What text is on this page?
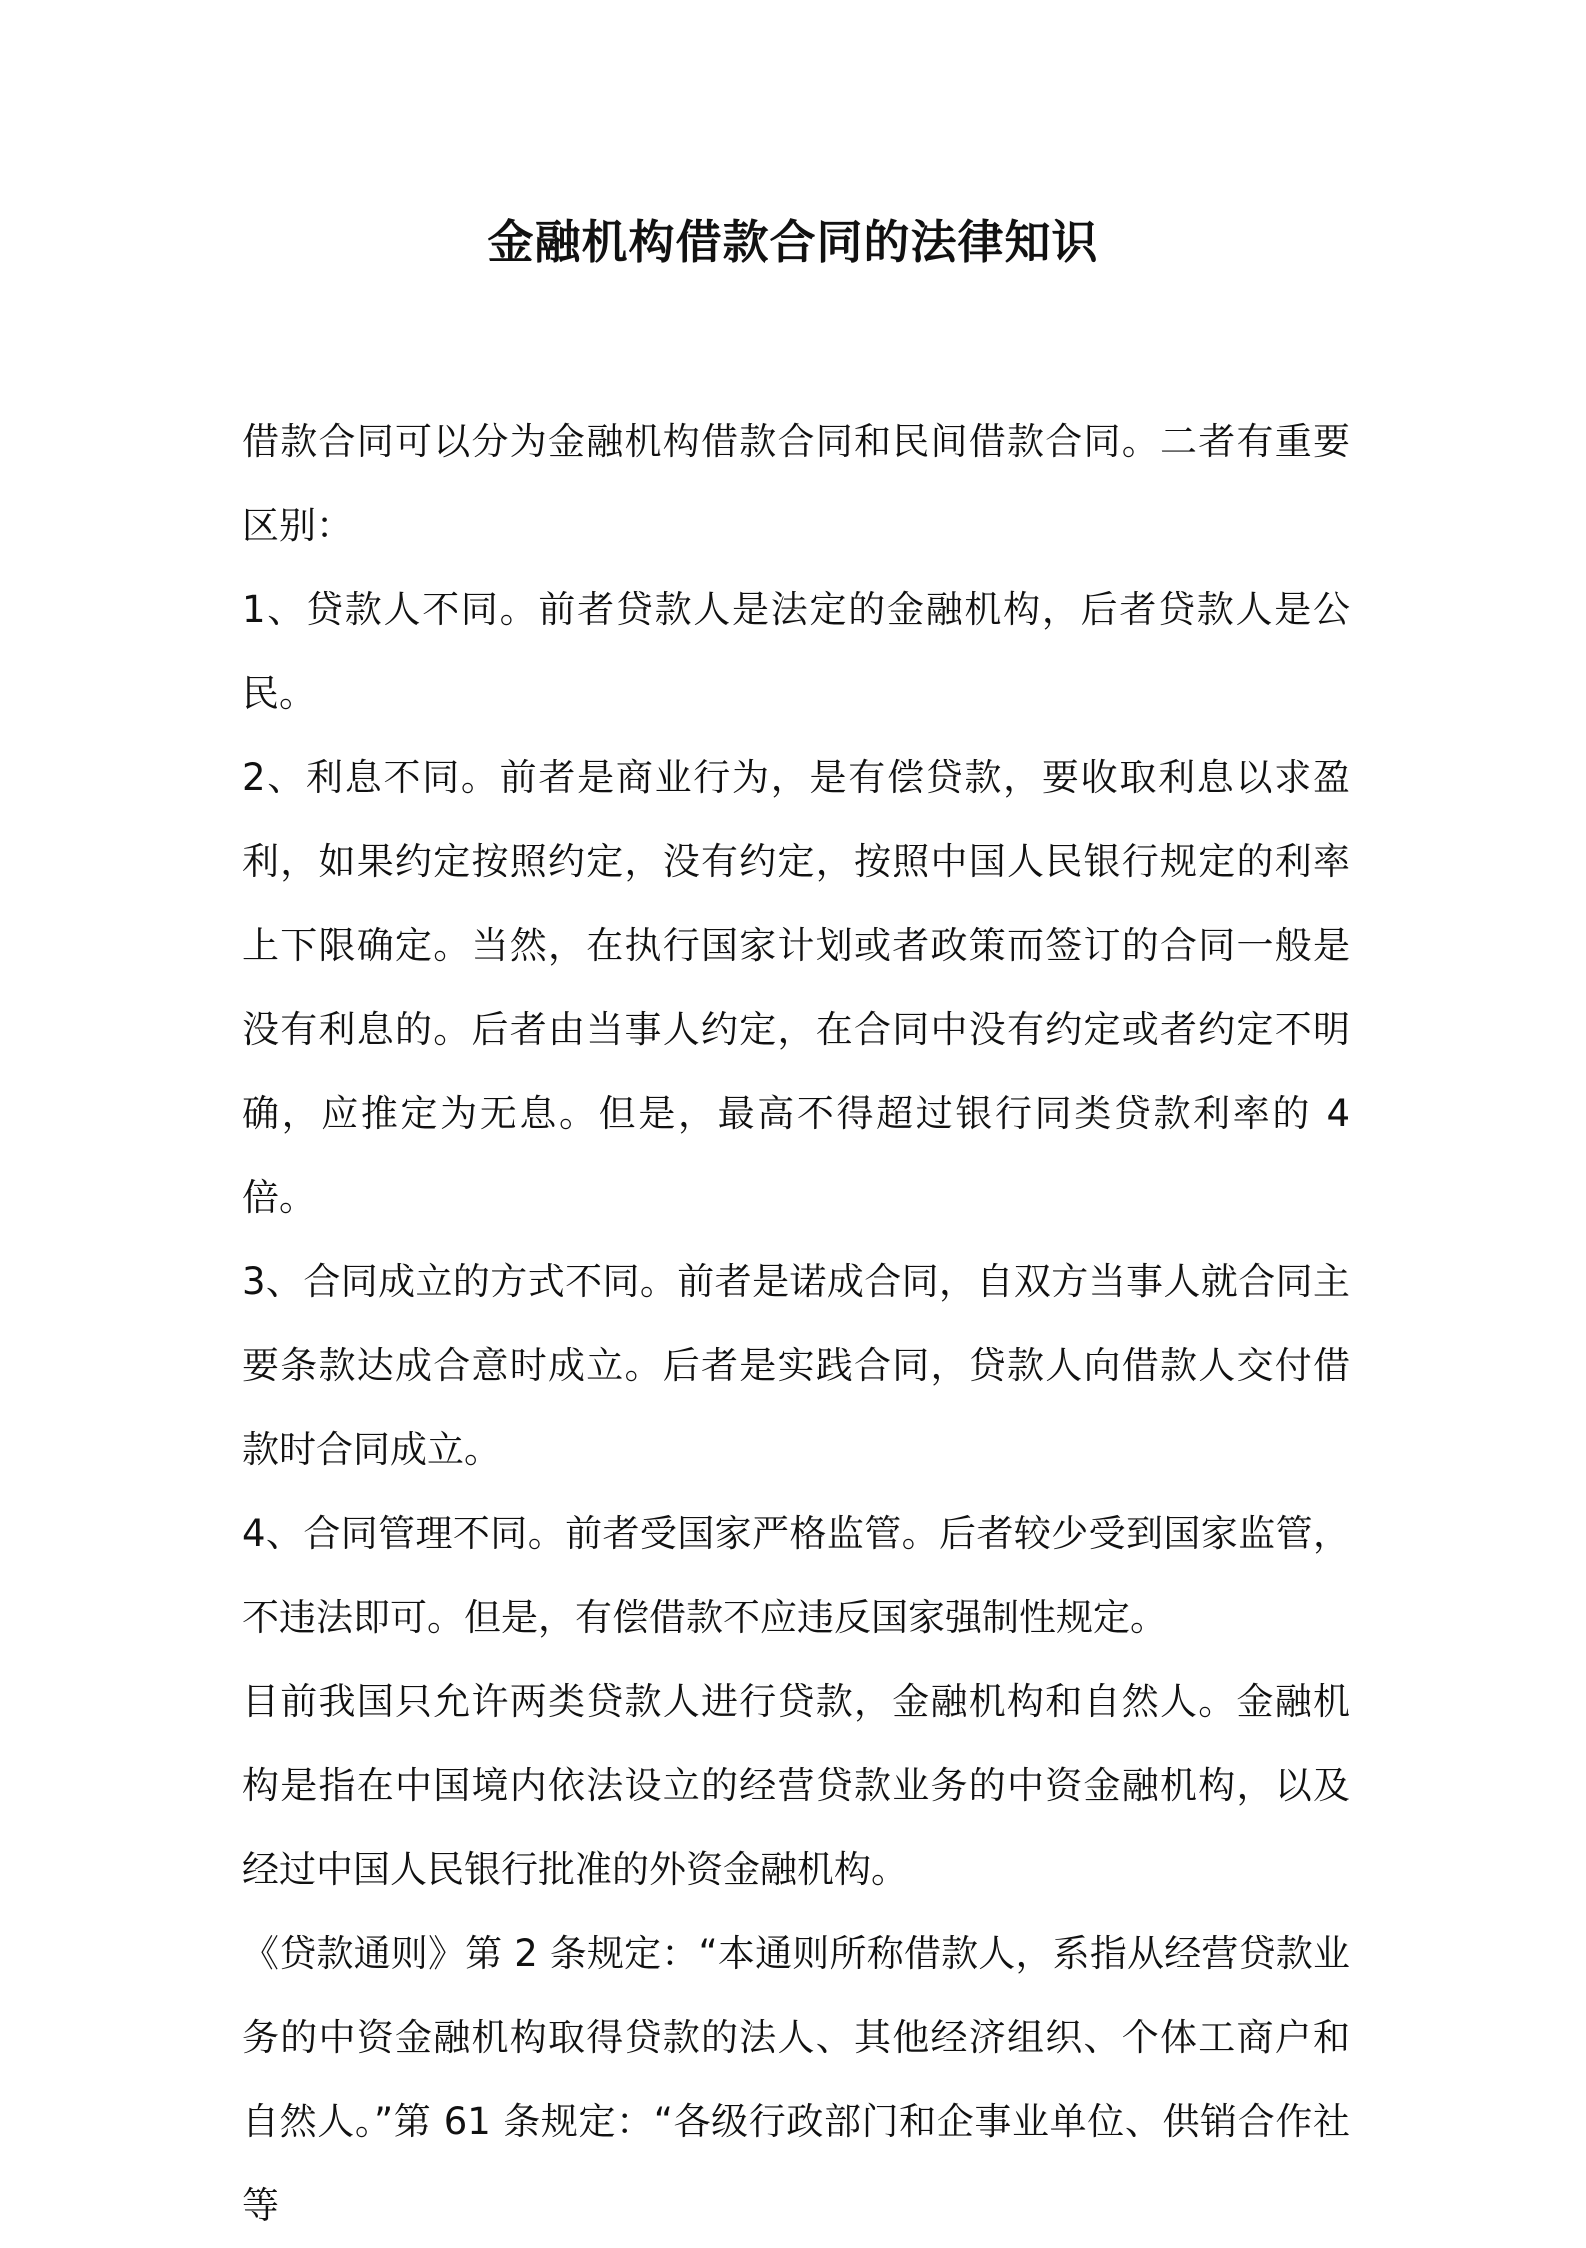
金融机构借款合同的法律知识

借款合同可以分为金融机构借款合同和民间借款合同。二者有重要区别：

1、贷款人不同。前者贷款人是法定的金融机构，后者贷款人是公民。

2、利息不同。前者是商业行为，是有偿贷款，要收取利息以求盈利，如果约定按照约定，没有约定，按照中国人民银行规定的利率上下限确定。当然，在执行国家计划或者政策而签订的合同一般是没有利息的。后者由当事人约定，在合同中没有约定或者约定不明确，应推定为无息。但是，最高不得超过银行同类贷款利率的 4 倍。

3、合同成立的方式不同。前者是诺成合同，自双方当事人就合同主要条款达成合意时成立。后者是实践合同，贷款人向借款人交付借款时合同成立。

4、合同管理不同。前者受国家严格监管。后者较少受到国家监管，不违法即可。但是，有偿借款不应违反国家强制性规定。

目前我国只允许两类贷款人进行贷款，金融机构和自然人。金融机构是指在中国境内依法设立的经营贷款业务的中资金融机构，以及经过中国人民银行批准的外资金融机构。

《贷款通则》第 2 条规定：“本通则所称借款人，系指从经营贷款业务的中资金融机构取得贷款的法人、其他经济组织、个体工商户和自然人。”第 61 条规定：“各级行政部门和企事业单位、供销合作社等
